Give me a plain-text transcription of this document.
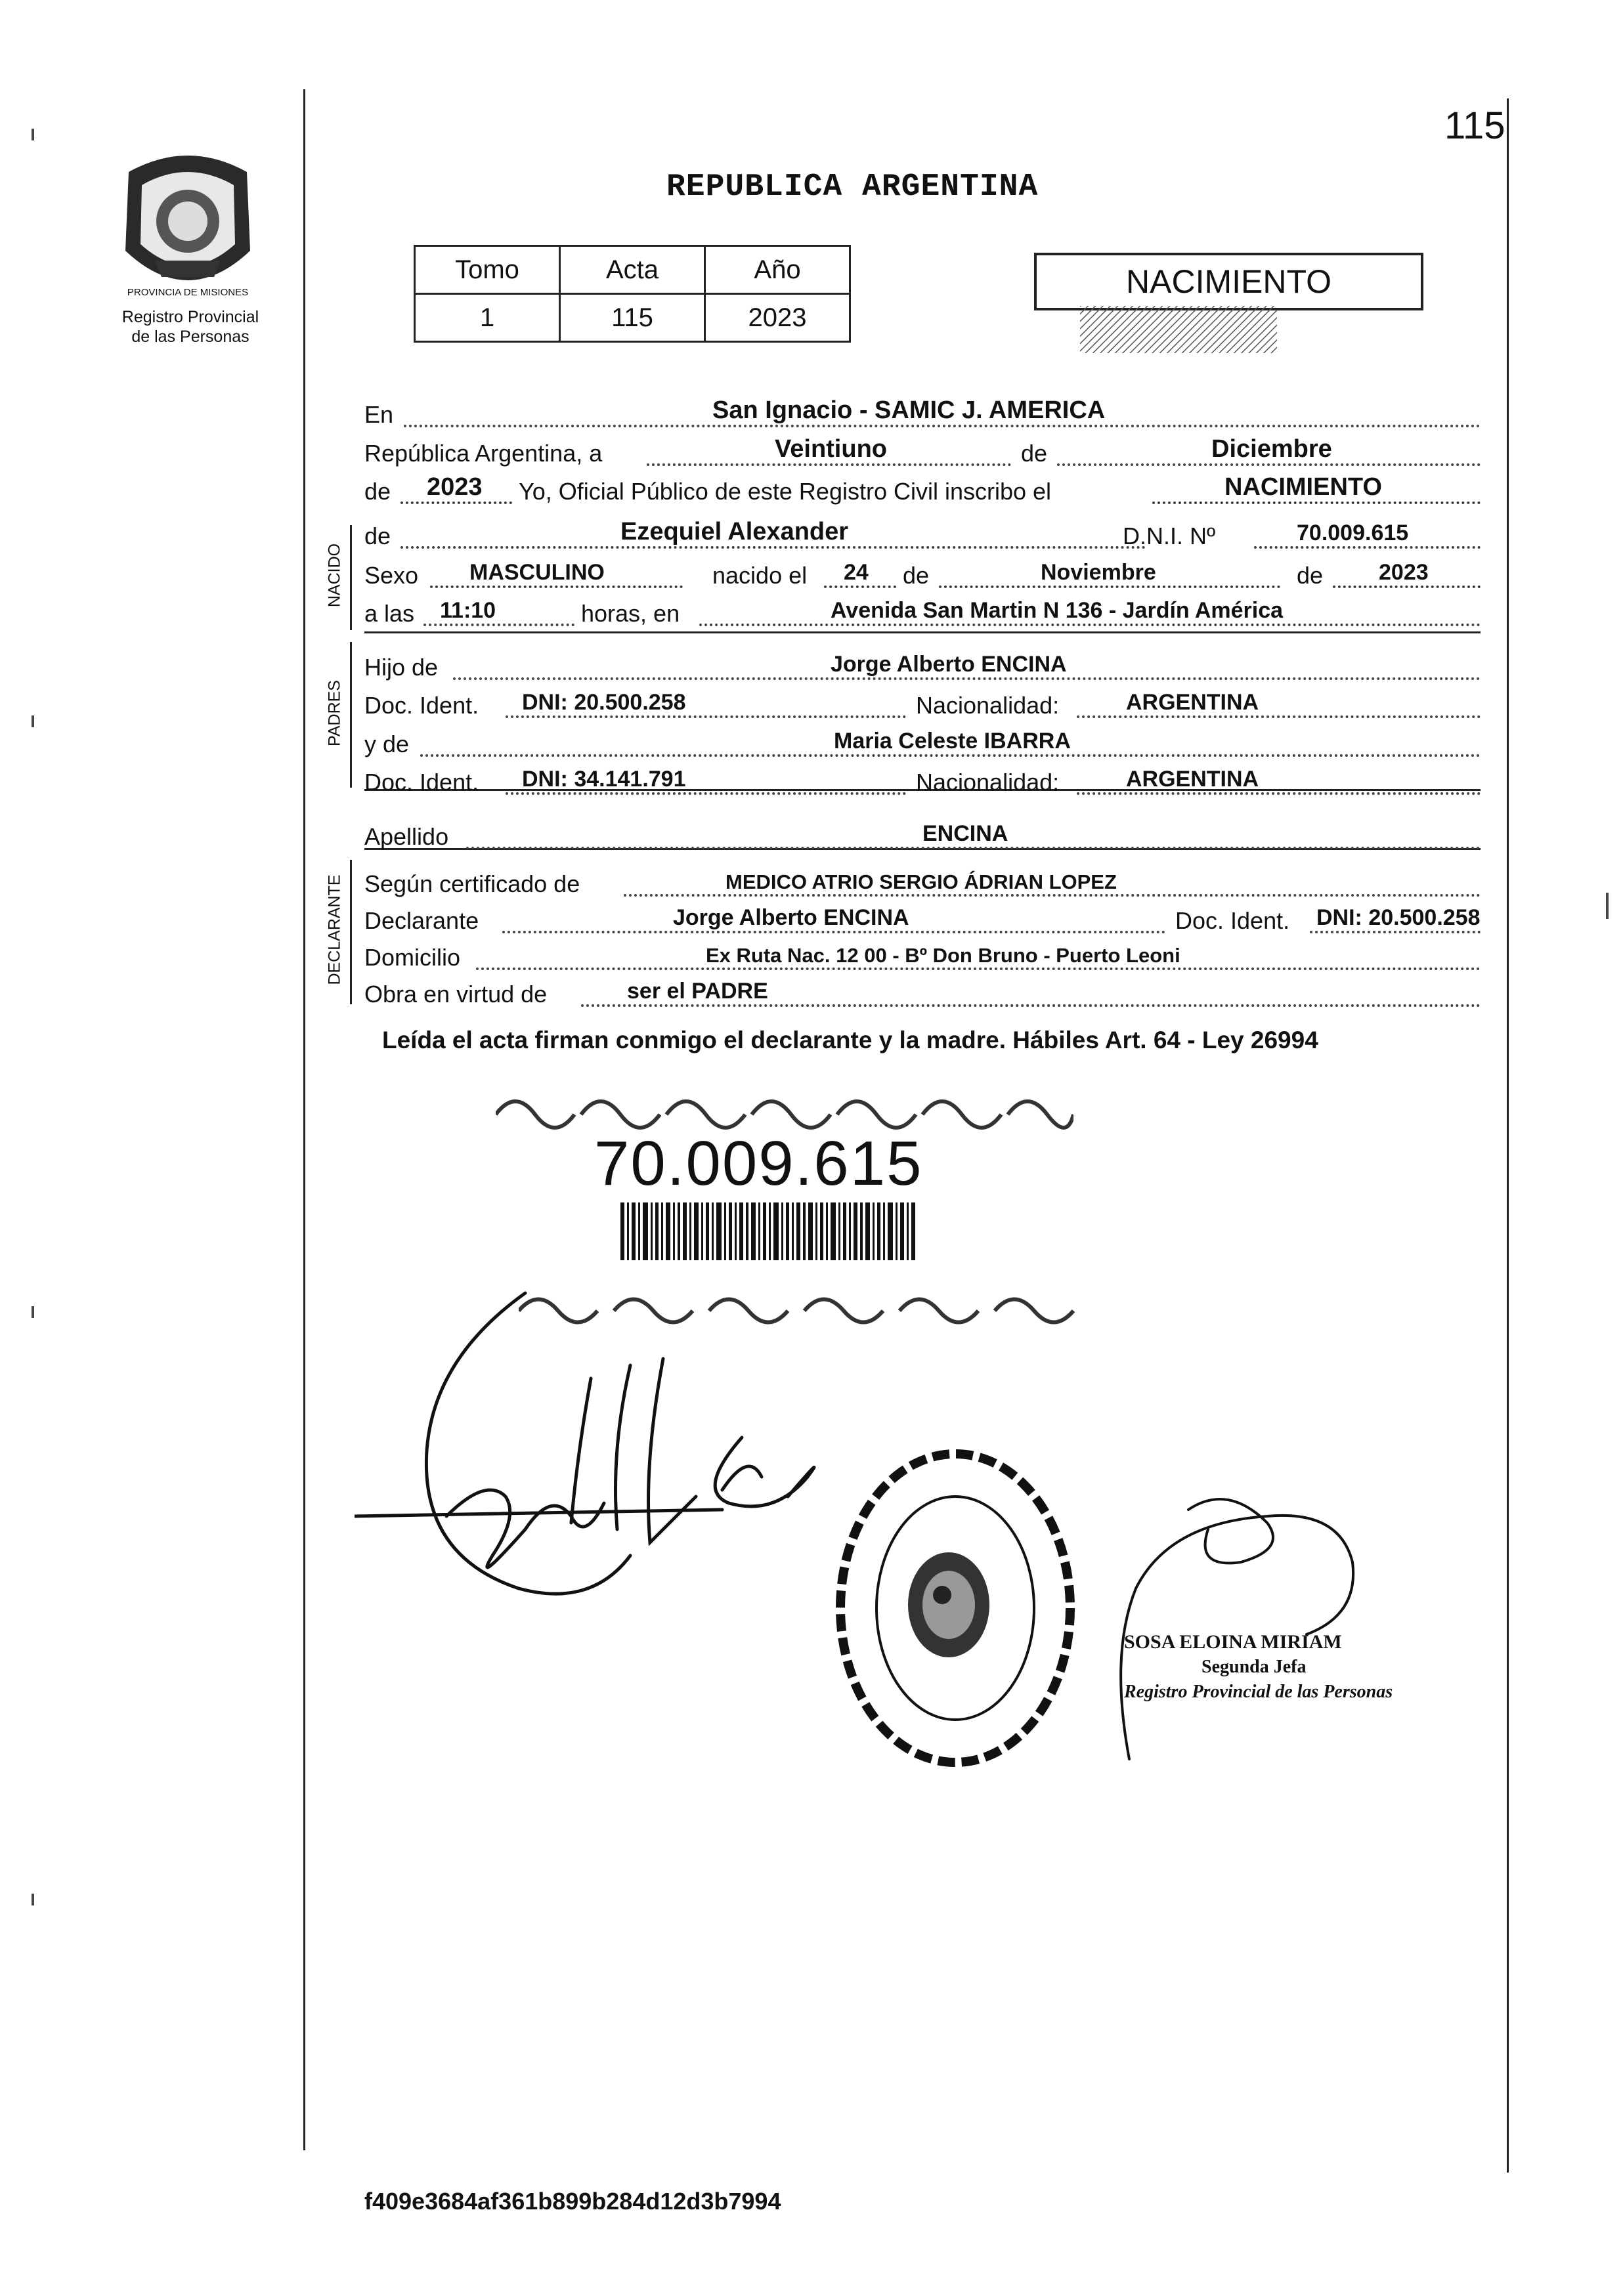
115
REPUBLICA ARGENTINA
PROVINCIA DE MISIONES
Registro Provincial
de las Personas
Tomo	Acta	Año
1	115	2023
NACIMIENTO
NACIDO
PADRES
DECLARANTE
En	San Ignacio - SAMIC J. AMERICA
República Argentina, a	Veintiuno	de	Diciembre
de 2023 Yo, Oficial Público de este Registro Civil inscribo el	NACIMIENTO
de	Ezequiel Alexander	D.N.I. Nº	70.009.615
Sexo MASCULINO	nacido el 24 de	Noviembre	de 2023
a las 11:10	horas, en	Avenida San Martin N 136 - Jardín América
Hijo de	Jorge Alberto ENCINA
Doc. Ident. DNI: 20.500.258	Nacionalidad:	ARGENTINA
y de	Maria Celeste IBARRA
Doc. Ident. DNI: 34.141.791	Nacionalidad:	ARGENTINA
Apellido	ENCINA
Según certificado de	MEDICO ATRIO SERGIO ÁDRIAN LOPEZ
Declarante	Jorge Alberto ENCINA	Doc. Ident. DNI: 20.500.258
Domicilio	Ex Ruta Nac. 12 00 - Bº Don Bruno - Puerto Leoni
Obra en virtud de	ser el PADRE
Leída el acta firman conmigo el declarante y la madre. Hábiles Art. 64 - Ley 26994
70.009.615
SOSA ELOINA MIRIAM
Segunda Jefa
Registro Provincial de las Personas
f409e3684af361b899b284d12d3b7994
